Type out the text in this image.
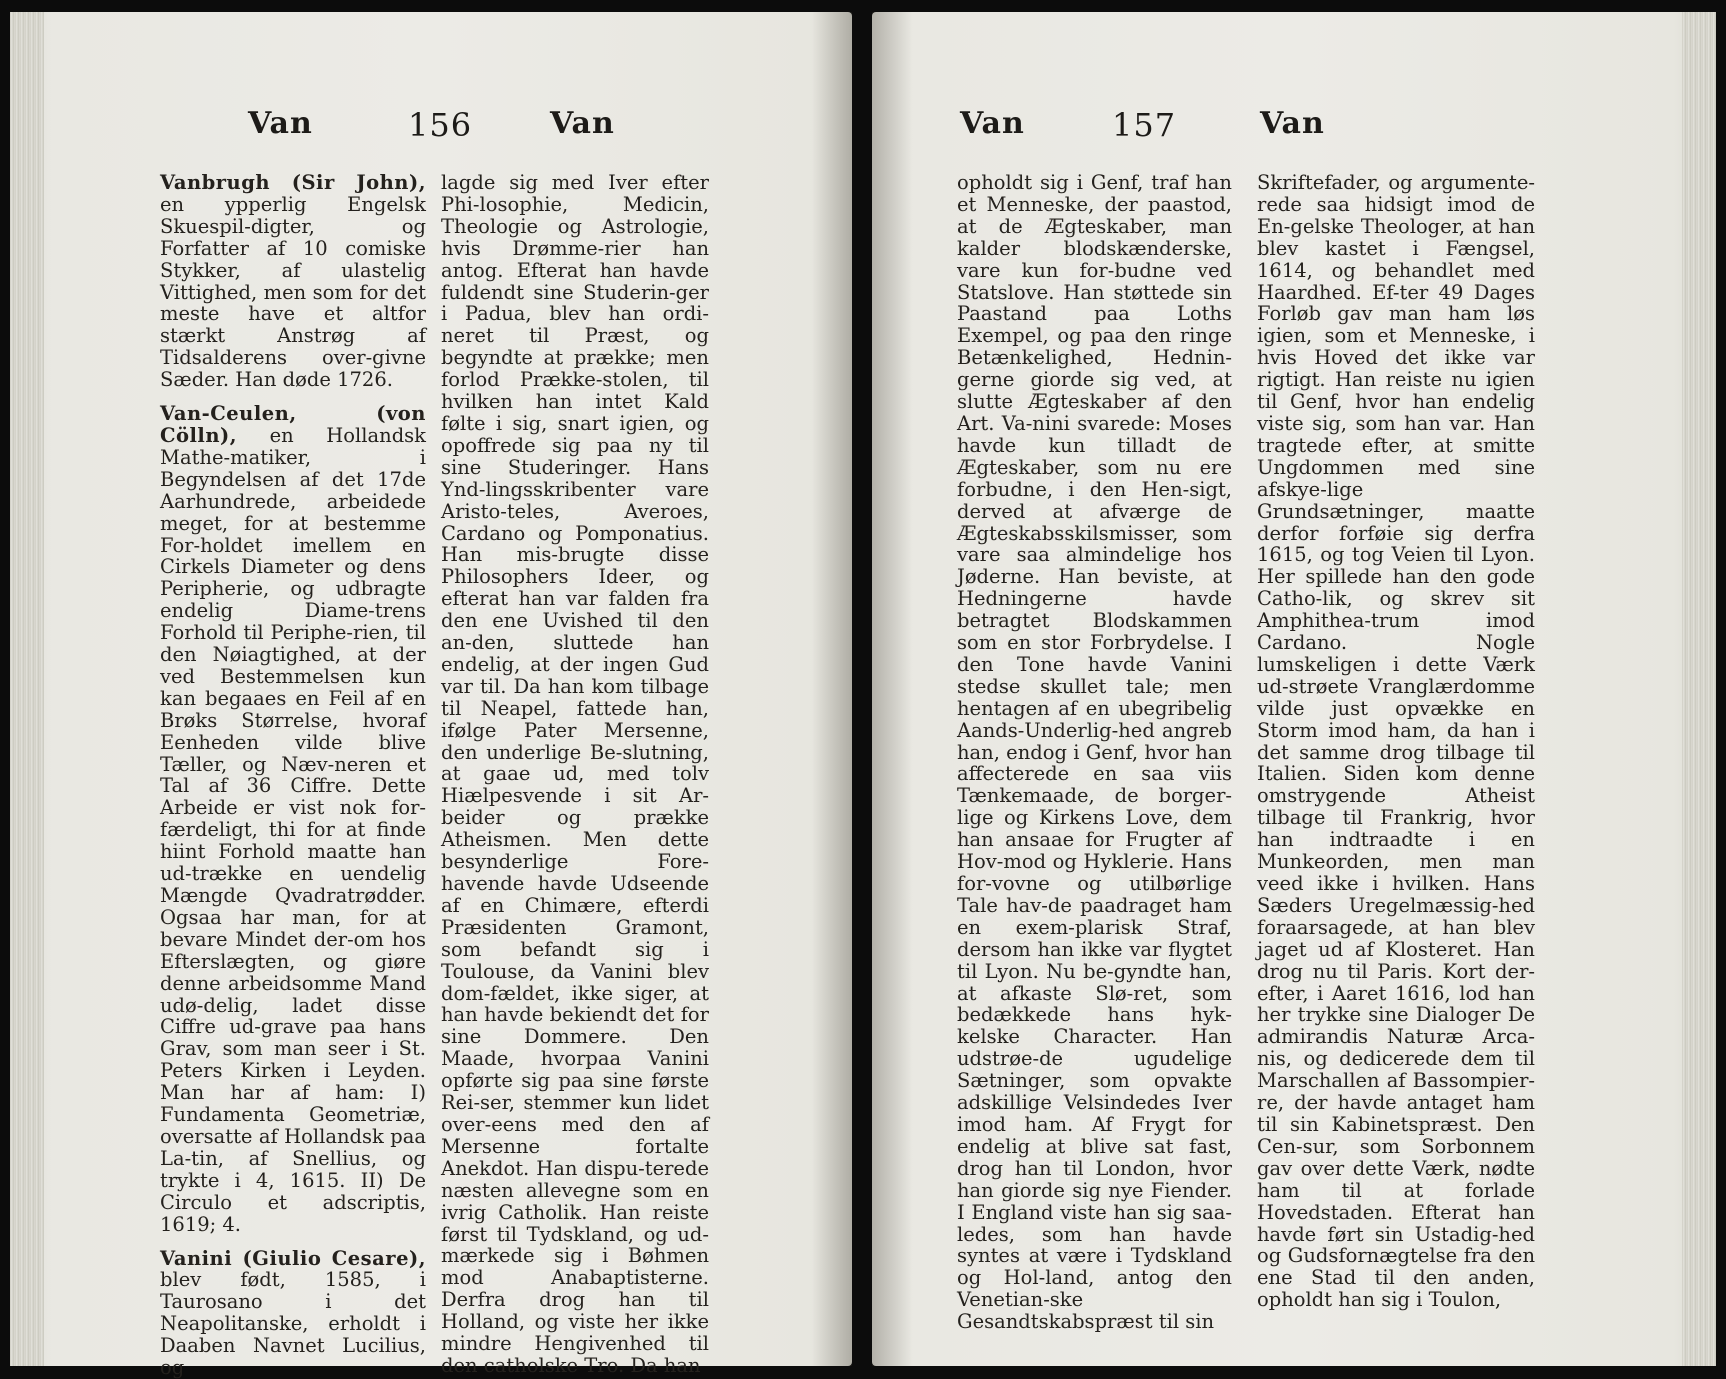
Van	156	Van

Vanbrugh (Sir John), en ypperlig Engelsk Skuespil-digter, og Forfatter af 10 comiske Stykker, af ulastelig Vittighed, men som for det meste have et altfor stærkt Anstrøg af Tidsalderens over-givne Sæder. Han døde 1726.

Van-Ceulen, (von Cölln), en Hollandsk Mathe-matiker, i Begyndelsen af det 17de Aarhundrede, arbeidede meget, for at bestemme For-holdet imellem en Cirkels Diameter og dens Peripherie, og udbragte endelig Diame-trens Forhold til Periphe-rien, til den Nøiagtighed, at der ved Bestemmelsen kun kan begaaes en Feil af en Brøks Størrelse, hvoraf Eenheden vilde blive Tæller, og Næv-neren et Tal af 36 Ciffre. Dette Arbeide er vist nok for-færdeligt, thi for at finde hiint Forhold maatte han ud-trække en uendelig Mængde Qvadratrødder. Ogsaa har man, for at bevare Mindet der-om hos Efterslægten, og giøre denne arbeidsomme Mand udø-delig, ladet disse Ciffre ud-grave paa hans Grav, som man seer i St. Peters Kirken i Leyden. Man har af ham: I) Fundamenta Geometriæ, oversatte af Hollandsk paa La-tin, af Snellius, og trykte i 4, 1615. II) De Circulo et adscriptis, 1619; 4.

Vanini (Giulio Cesare), blev født, 1585, i Taurosano i det Neapolitanske, erholdt i Daaben Navnet Lucilius, og

lagde sig med Iver efter Phi-losophie, Medicin, Theologie og Astrologie, hvis Drømme-rier han antog. Efterat han havde fuldendt sine Studerin-ger i Padua, blev han ordi-neret til Præst, og begyndte at prække; men forlod Prække-stolen, til hvilken han intet Kald følte i sig, snart igien, og opoffrede sig paa ny til sine Studeringer. Hans Ynd-lingsskribenter vare Aristo-teles, Averoes, Cardano og Pomponatius. Han mis-brugte disse Philosophers Ideer, og efterat han var falden fra den ene Uvished til den an-den, sluttede han endelig, at der ingen Gud var til. Da han kom tilbage til Neapel, fattede han, ifølge Pater Mersenne, den underlige Be-slutning, at gaae ud, med tolv Hiælpesvende i sit Ar-beider og prække Atheismen. Men dette besynderlige Fore-havende havde Udseende af en Chimære, efterdi Præsidenten Gramont, som befandt sig i Toulouse, da Vanini blev dom-fældet, ikke siger, at han havde bekiendt det for sine Dommere. Den Maade, hvorpaa Vanini opførte sig paa sine første Rei-ser, stemmer kun lidet over-eens med den af Mersenne fortalte Anekdot. Han dispu-terede næsten allevegne som en ivrig Catholik. Han reiste først til Tydskland, og ud-mærkede sig i Bøhmen mod Anabaptisterne. Derfra drog han til Holland, og viste her ikke mindre Hengivenhed til den catholske Tro. Da han

Van	157	Van

opholdt sig i Genf, traf han et Menneske, der paastod, at de Ægteskaber, man kalder blodskænderske, vare kun for-budne ved Statslove. Han støttede sin Paastand paa Loths Exempel, og paa den ringe Betænkelighed, Hednin-gerne giorde sig ved, at slutte Ægteskaber af den Art. Va-nini svarede: Moses havde kun tilladt de Ægteskaber, som nu ere forbudne, i den Hen-sigt, derved at afværge de Ægteskabsskilsmisser, som vare saa almindelige hos Jøderne. Han beviste, at Hedningerne havde betragtet Blodskammen som en stor Forbrydelse. I den Tone havde Vanini stedse skullet tale; men hentagen af en ubegribelig Aands-Underlig-hed angreb han, endog i Genf, hvor han affecterede en saa viis Tænkemaade, de borger-lige og Kirkens Love, dem han ansaae for Frugter af Hov-mod og Hyklerie. Hans for-vovne og utilbørlige Tale hav-de paadraget ham en exem-plarisk Straf, dersom han ikke var flygtet til Lyon. Nu be-gyndte han, at afkaste Slø-ret, som bedækkede hans hyk-kelske Character. Han udstrøe-de ugudelige Sætninger, som opvakte adskillige Velsindedes Iver imod ham. Af Frygt for endelig at blive sat fast, drog han til London, hvor han giorde sig nye Fiender. I England viste han sig saa-ledes, som han havde syntes at være i Tydskland og Hol-land, antog den Venetian-ske Gesandtskabspræst til sin

Skriftefader, og argumente-rede saa hidsigt imod de En-gelske Theologer, at han blev kastet i Fængsel, 1614, og behandlet med Haardhed. Ef-ter 49 Dages Forløb gav man ham løs igien, som et Menneske, i hvis Hoved det ikke var rigtigt. Han reiste nu igien til Genf, hvor han endelig viste sig, som han var. Han tragtede efter, at smitte Ungdommen med sine afskye-lige Grundsætninger, maatte derfor forføie sig derfra 1615, og tog Veien til Lyon. Her spillede han den gode Catho-lik, og skrev sit Amphithea-trum imod Cardano. Nogle lumskeligen i dette Værk ud-strøete Vranglærdomme vilde just opvække en Storm imod ham, da han i det samme drog tilbage til Italien. Siden kom denne omstrygende Atheist tilbage til Frankrig, hvor han indtraadte i en Munkeorden, men man veed ikke i hvilken. Hans Sæders Uregelmæssig-hed foraarsagede, at han blev jaget ud af Klosteret. Han drog nu til Paris. Kort der-efter, i Aaret 1616, lod han her trykke sine Dialoger De admirandis Naturæ Arca-nis, og dedicerede dem til Marschallen af Bassompier-re, der havde antaget ham til sin Kabinetspræst. Den Cen-sur, som Sorbonnem gav over dette Værk, nødte ham til at forlade Hovedstaden. Efterat han havde ført sin Ustadig-hed og Gudsfornægtelse fra den ene Stad til den anden, opholdt han sig i Toulon,
